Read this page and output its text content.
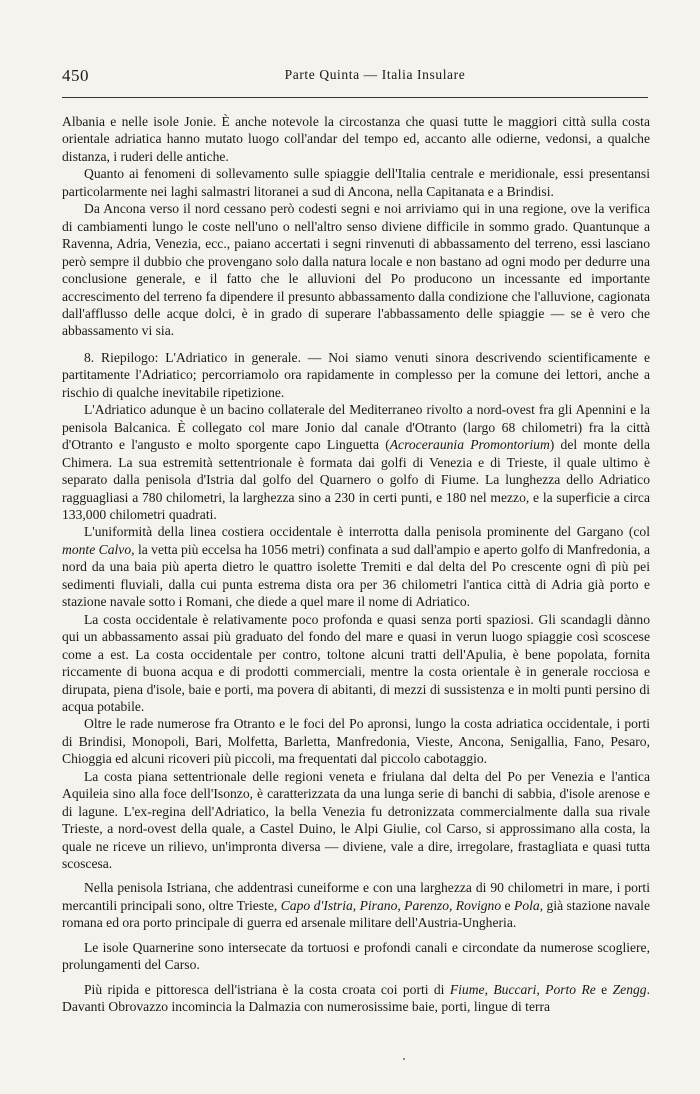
450	Parte Quinta — Italia Insulare

Albania e nelle isole Jonie. È anche notevole la circostanza che quasi tutte le maggiori città sulla costa orientale adriatica hanno mutato luogo coll'andar del tempo ed, accanto alle odierne, vedonsi, a qualche distanza, i ruderi delle antiche.

Quanto ai fenomeni di sollevamento sulle spiaggie dell'Italia centrale e meridionale, essi presentansi particolarmente nei laghi salmastri litoranei a sud di Ancona, nella Capitanata e a Brindisi.

Da Ancona verso il nord cessano però codesti segni e noi arriviamo qui in una regione, ove la verifica di cambiamenti lungo le coste nell'uno o nell'altro senso diviene difficile in sommo grado. Quantunque a Ravenna, Adria, Venezia, ecc., paiano accertati i segni rinvenuti di abbassamento del terreno, essi lasciano però sempre il dubbio che provengano solo dalla natura locale e non bastano ad ogni modo per dedurre una conclusione generale, e il fatto che le alluvioni del Po producono un incessante ed importante accrescimento del terreno fa dipendere il presunto abbassamento dalla condizione che l'alluvione, cagionata dall'afflusso delle acque dolci, è in grado di superare l'abbassamento delle spiaggie — se è vero che abbassamento vi sia.

8. Riepilogo: L'Adriatico in generale. — Noi siamo venuti sinora descrivendo scientificamente e partitamente l'Adriatico; percorriamolo ora rapidamente in complesso per la comune dei lettori, anche a rischio di qualche inevitabile ripetizione.

L'Adriatico adunque è un bacino collaterale del Mediterraneo rivolto a nord-ovest fra gli Apennini e la penisola Balcanica. È collegato col mare Jonio dal canale d'Otranto (largo 68 chilometri) fra la città d'Otranto e l'angusto e molto sporgente capo Linguetta (Acroceraunia Promontorium) del monte della Chimera. La sua estremità settentrionale è formata dai golfi di Venezia e di Trieste, il quale ultimo è separato dalla penisola d'Istria dal golfo del Quarnero o golfo di Fiume. La lunghezza dello Adriatico ragguagliasi a 780 chilometri, la larghezza sino a 230 in certi punti, e 180 nel mezzo, e la superficie a circa 133,000 chilometri quadrati.

L'uniformità della linea costiera occidentale è interrotta dalla penisola prominente del Gargano (col monte Calvo, la vetta più eccelsa ha 1056 metri) confinata a sud dall'ampio e aperto golfo di Manfredonia, a nord da una baia più aperta dietro le quattro isolette Tremiti e dal delta del Po crescente ogni dì più pei sedimenti fluviali, dalla cui punta estrema dista ora per 36 chilometri l'antica città di Adria già porto e stazione navale sotto i Romani, che diede a quel mare il nome di Adriatico.

La costa occidentale è relativamente poco profonda e quasi senza porti spaziosi. Gli scandagli dànno qui un abbassamento assai più graduato del fondo del mare e quasi in verun luogo spiaggie così scoscese come a est. La costa occidentale per contro, toltone alcuni tratti dell'Apulia, è bene popolata, fornita riccamente di buona acqua e di prodotti commerciali, mentre la costa orientale è in generale rocciosa e dirupata, piena d'isole, baie e porti, ma povera di abitanti, di mezzi di sussistenza e in molti punti persino di acqua potabile.

Oltre le rade numerose fra Otranto e le foci del Po apronsi, lungo la costa adriatica occidentale, i porti di Brindisi, Monopoli, Bari, Molfetta, Barletta, Manfredonia, Vieste, Ancona, Senigallia, Fano, Pesaro, Chioggia ed alcuni ricoveri più piccoli, ma frequentati dal piccolo cabotaggio.

La costa piana settentrionale delle regioni veneta e friulana dal delta del Po per Venezia e l'antica Aquileia sino alla foce dell'Isonzo, è caratterizzata da una lunga serie di banchi di sabbia, d'isole arenose e di lagune. L'ex-regina dell'Adriatico, la bella Venezia fu detronizzata commercialmente dalla sua rivale Trieste, a nord-ovest della quale, a Castel Duino, le Alpi Giulie, col Carso, si approssimano alla costa, la quale ne riceve un rilievo, un'impronta diversa — diviene, vale a dire, irregolare, frastagliata e quasi tutta scoscesa.

Nella penisola Istriana, che addentrasi cuneiforme e con una larghezza di 90 chilometri in mare, i porti mercantili principali sono, oltre Trieste, Capo d'Istria, Pirano, Parenzo, Rovigno e Pola, già stazione navale romana ed ora porto principale di guerra ed arsenale militare dell'Austria-Ungheria.

Le isole Quarnerine sono intersecate da tortuosi e profondi canali e circondate da numerose scogliere, prolungamenti del Carso.

Più ripida e pittoresca dell'istriana è la costa croata coi porti di Fiume, Buccari, Porto Re e Zengg. Davanti Obrovazzo incomincia la Dalmazia con numerosissime baie, porti, lingue di terra
